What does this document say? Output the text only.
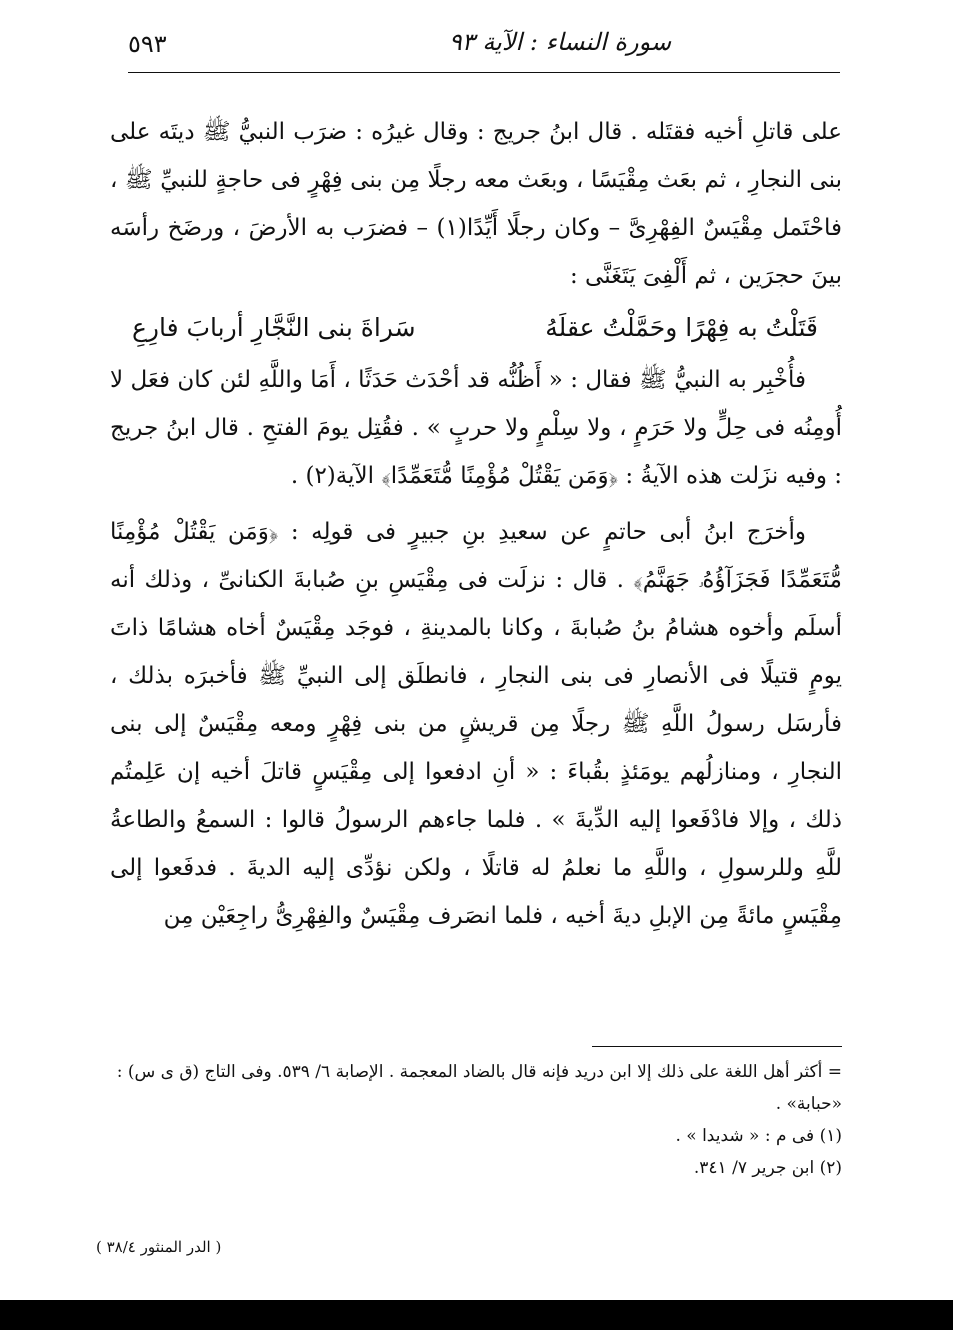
٥٩٣	سورة النساء : الآية ٩٣

على قاتلِ أخيه فقتَله . قال ابنُ جريج : وقال غيرُه : ضرَب النبيُّ ﷺ ديتَه على بنى النجارِ ، ثم بعَث مِقْيَسًا ، وبعَث معه رجلًا مِن بنى فِهْرٍ فى حاجةٍ للنبيِّ ﷺ ، فاحْتَمل مِقْيَسٌ الفِهْرِىَّ – وكان رجلًا أَيِّدًا(١) – فضرَب به الأرضَ ، ورضَخ رأسَه بينَ حجرَين ، ثم أَلْفِىَ يَتَغَنَّى :

قَتَلْتُ به فِهْرًا وحَمَّلْتُ عقلَهُ
سَراةَ بنى النَّجَّارِ أربابَ فارِعِ

فأُخْبِر به النبيُّ ﷺ فقال : « أَظُنُّه قد أحْدَث حَدَثًا ، أَمَا واللَّهِ لئن كان فعَل لا أُومِنُه فى حِلٍّ ولا حَرَمٍ ، ولا سِلْمٍ ولا حربٍ » . فقُتِل يومَ الفتحِ . قال ابنُ جريج : وفيه نزَلت هذه الآيةُ : ﴿وَمَن يَقْتُلْ مُؤْمِنًا مُّتَعَمِّدًا﴾ الآية(٢) .

وأخرَج ابنُ أبى حاتمٍ عن سعيدِ بنِ جبيرٍ فى قولِه : ﴿وَمَن يَقْتُلْ مُؤْمِنًا مُّتَعَمِّدًا فَجَزَآؤُهُۥ جَهَنَّمُ﴾ . قال : نزلَت فى مِقْيَسِ بنِ صُبابةَ الكنانىِّ ، وذلك أنه أسلَم وأخوه هشامُ بنُ صُبابةَ ، وكانا بالمدينةِ ، فوجَد مِقْيَسٌ أخاه هشامًا ذاتَ يومٍ قتيلًا فى الأنصارِ فى بنى النجارِ ، فانطلَق إلى النبيِّ ﷺ فأخبرَه بذلك ، فأرسَل رسولُ اللَّهِ ﷺ رجلًا مِن قريشٍ من بنى فِهْرٍ ومعه مِقْيَسٌ إلى بنى النجارِ ، ومنازلُهم يومَئذٍ بقُباءَ : « أنِ ادفعوا إلى مِقْيَسٍ قاتلَ أخيه إن عَلِمتُم ذلك ، وإلا فادْفَعوا إليه الدِّيةَ » . فلما جاءهم الرسولُ قالوا : السمعُ والطاعةُ للَّهِ وللرسولِ ، واللَّهِ ما نعلمُ له قاتلًا ، ولكن نؤدِّى إليه الديةَ . فدفَعوا إلى مِقْيَسٍ مائةً مِن الإبلِ ديةَ أخيه ، فلما انصَرف مِقْيَسٌ والفِهْرِىُّ راجِعَيْن مِن

= أكثر أهل اللغة على ذلك إلا ابن دريد فإنه قال بالضاد المعجمة . الإصابة ٦/ ٥٣٩. وفى التاج (ق ى س) : «حبابة» .

(١) فى م : « شديدا » .

(٢) ابن جرير ٧/ ٣٤١.

( الدر المنثور ٣٨/٤ )
